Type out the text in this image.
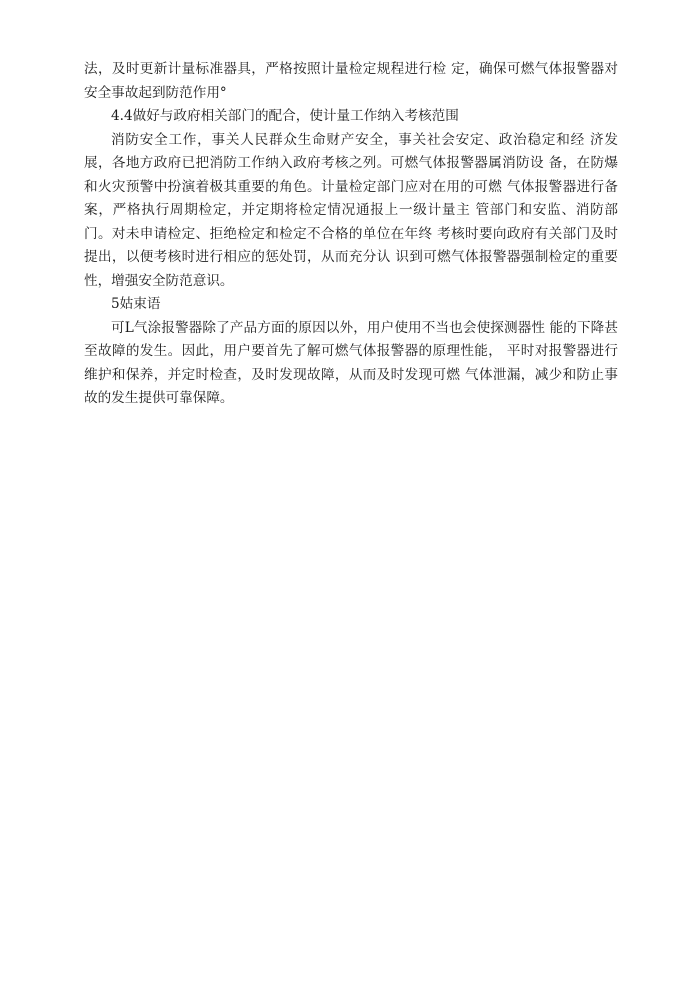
法，及时更新计量标准器具，严格按照计量检定规程进行检 定，确保可燃气体报警器对安全事故起到防范作用°

4.4做好与政府相关部门的配合，使计量工作纳入考核范围

消防安全工作，事关人民群众生命财产安全，事关社会安定、政治稳定和经 济发展，各地方政府已把消防工作纳入政府考核之列。可燃气体报警器属消防设 备，在防爆和火灾预警中扮演着极其重要的角色。计量检定部门应对在用的可燃 气体报警器进行备案，严格执行周期检定，并定期将检定情况通报上一级计量主 管部门和安监、消防部门。对未申请检定、拒绝检定和检定不合格的单位在年终 考核时要向政府有关部门及时提出，以便考核时进行相应的惩处罚，从而充分认 识到可燃气体报警器强制检定的重要性，增强安全防范意识。

5姑束语

可L气涂报警器除了产品方面的原因以外，用户使用不当也会使探测器性 能的下降甚至故障的发生。因此，用户要首先了解可燃气体报警器的原理性能， 平时对报警器进行维护和保养，并定时检查，及时发现故障，从而及时发现可燃 气体泄漏，减少和防止事故的发生提供可靠保障。
